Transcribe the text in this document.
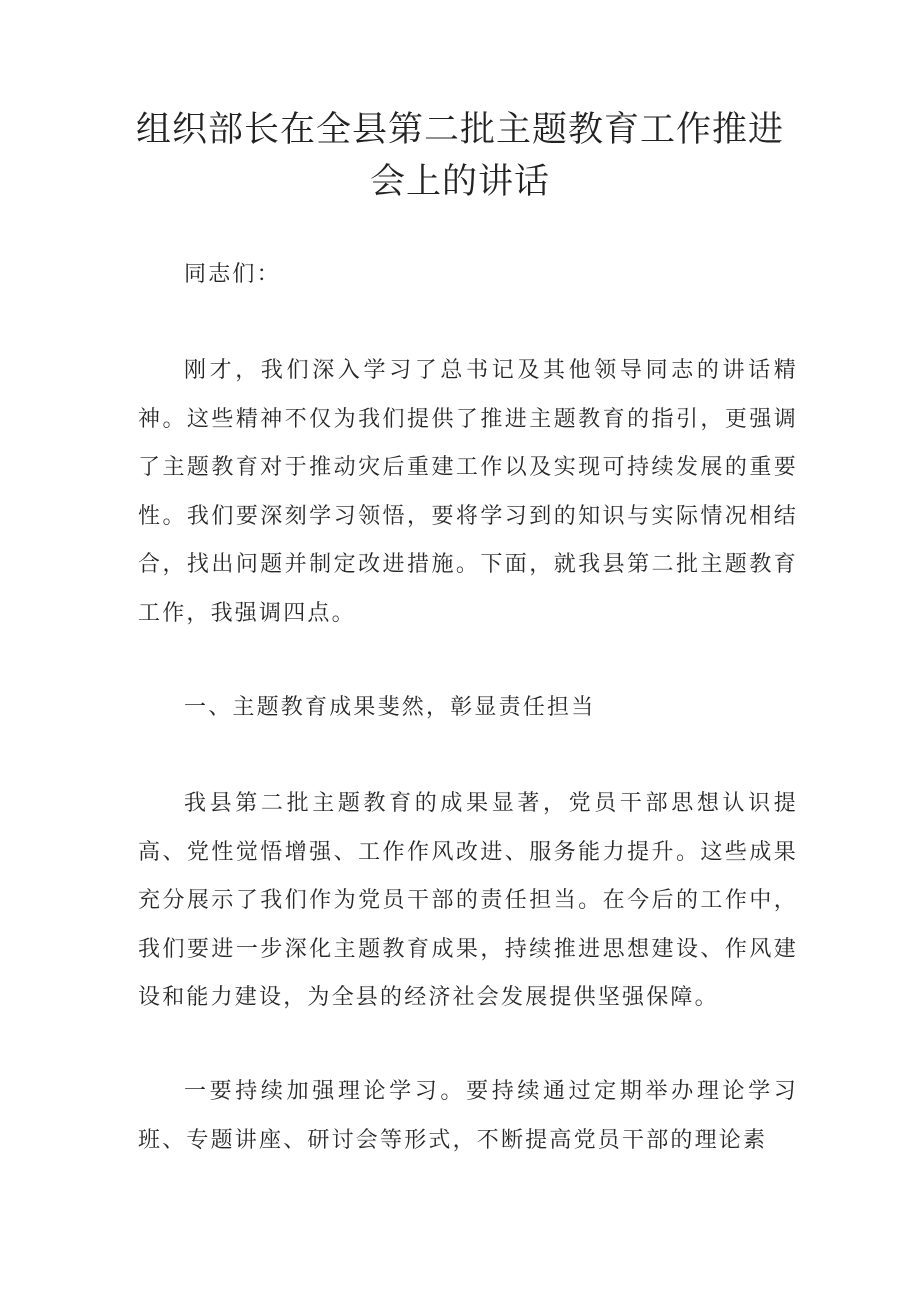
组织部长在全县第二批主题教育工作推进
会上的讲话

同志们：

刚才，我们深入学习了总书记及其他领导同志的讲话精神。这些精神不仅为我们提供了推进主题教育的指引，更强调了主题教育对于推动灾后重建工作以及实现可持续发展的重要性。我们要深刻学习领悟，要将学习到的知识与实际情况相结合，找出问题并制定改进措施。下面，就我县第二批主题教育工作，我强调四点。

一、主题教育成果斐然，彰显责任担当

我县第二批主题教育的成果显著，党员干部思想认识提高、党性觉悟增强、工作作风改进、服务能力提升。这些成果充分展示了我们作为党员干部的责任担当。在今后的工作中，我们要进一步深化主题教育成果，持续推进思想建设、作风建设和能力建设，为全县的经济社会发展提供坚强保障。

一要持续加强理论学习。要持续通过定期举办理论学习班、专题讲座、研讨会等形式，不断提高党员干部的理论素
